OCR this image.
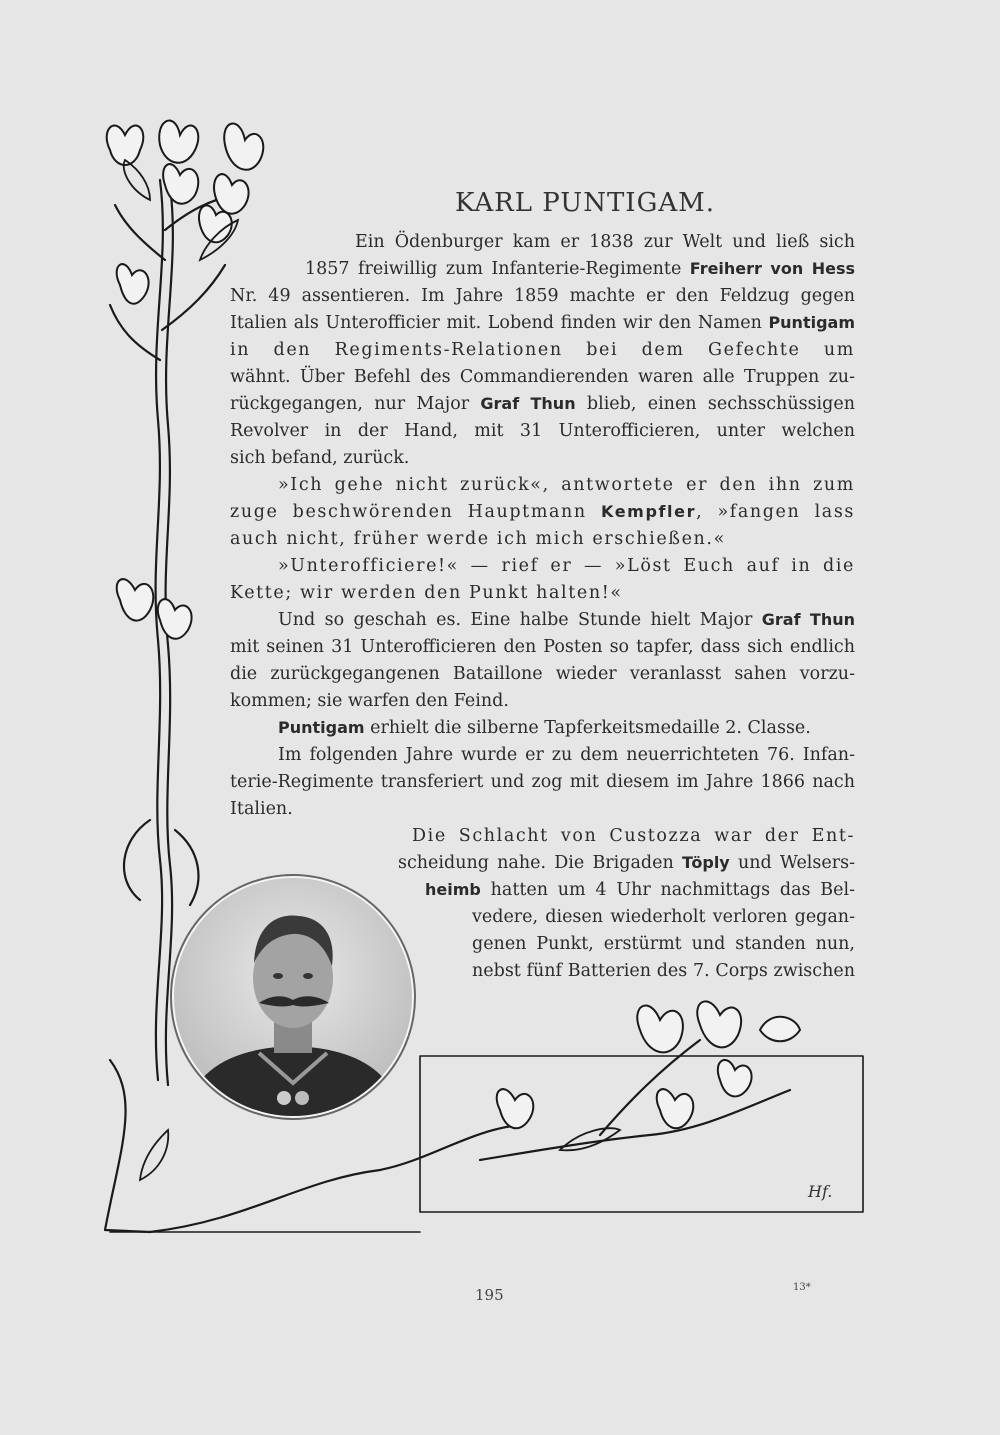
KARL PUNTIGAM.
Ein Ödenburger kam er 1838 zur Welt und ließ sich
1857 freiwillig zum Infanterie-Regimente Freiherr von Hess
Nr. 49 assentieren. Im Jahre 1859 machte er den Feldzug gegen
Italien als Unterofficier mit. Lobend finden wir den Namen Puntigam
in den Regiments-Relationen bei dem Gefechte um
wähnt. Über Befehl des Commandierenden waren alle Truppen zu-
rückgegangen, nur Major Graf Thun blieb, einen sechsschüssigen
Revolver in der Hand, mit 31 Unterofficieren, unter welchen
sich befand, zurück.
»Ich gehe nicht zurück«, antwortete er den ihn zum
zuge beschwörenden Hauptmann Kempfler, »fangen lass
auch nicht, früher werde ich mich erschießen.«
»Unterofficiere!« — rief er — »Löst Euch auf in die
Kette; wir werden den Punkt halten!«
Und so geschah es. Eine halbe Stunde hielt Major Graf Thun
mit seinen 31 Unterofficieren den Posten so tapfer, dass sich endlich
die zurückgegangenen Bataillone wieder veranlasst sahen vorzu-
kommen; sie warfen den Feind.
Puntigam erhielt die silberne Tapferkeitsmedaille 2. Classe.
Im folgenden Jahre wurde er zu dem neuerrichteten 76. Infan-
terie-Regimente transferiert und zog mit diesem im Jahre 1866 nach
Italien.
Die Schlacht von Custozza war der Ent-
scheidung nahe. Die Brigaden Töply und Welsers-
heimb hatten um 4 Uhr nachmittags das Bel-
vedere, diesen wiederholt verloren gegan-
genen Punkt, erstürmt und standen nun,
nebst fünf Batterien des 7. Corps zwischen
Hf.
195	13*
